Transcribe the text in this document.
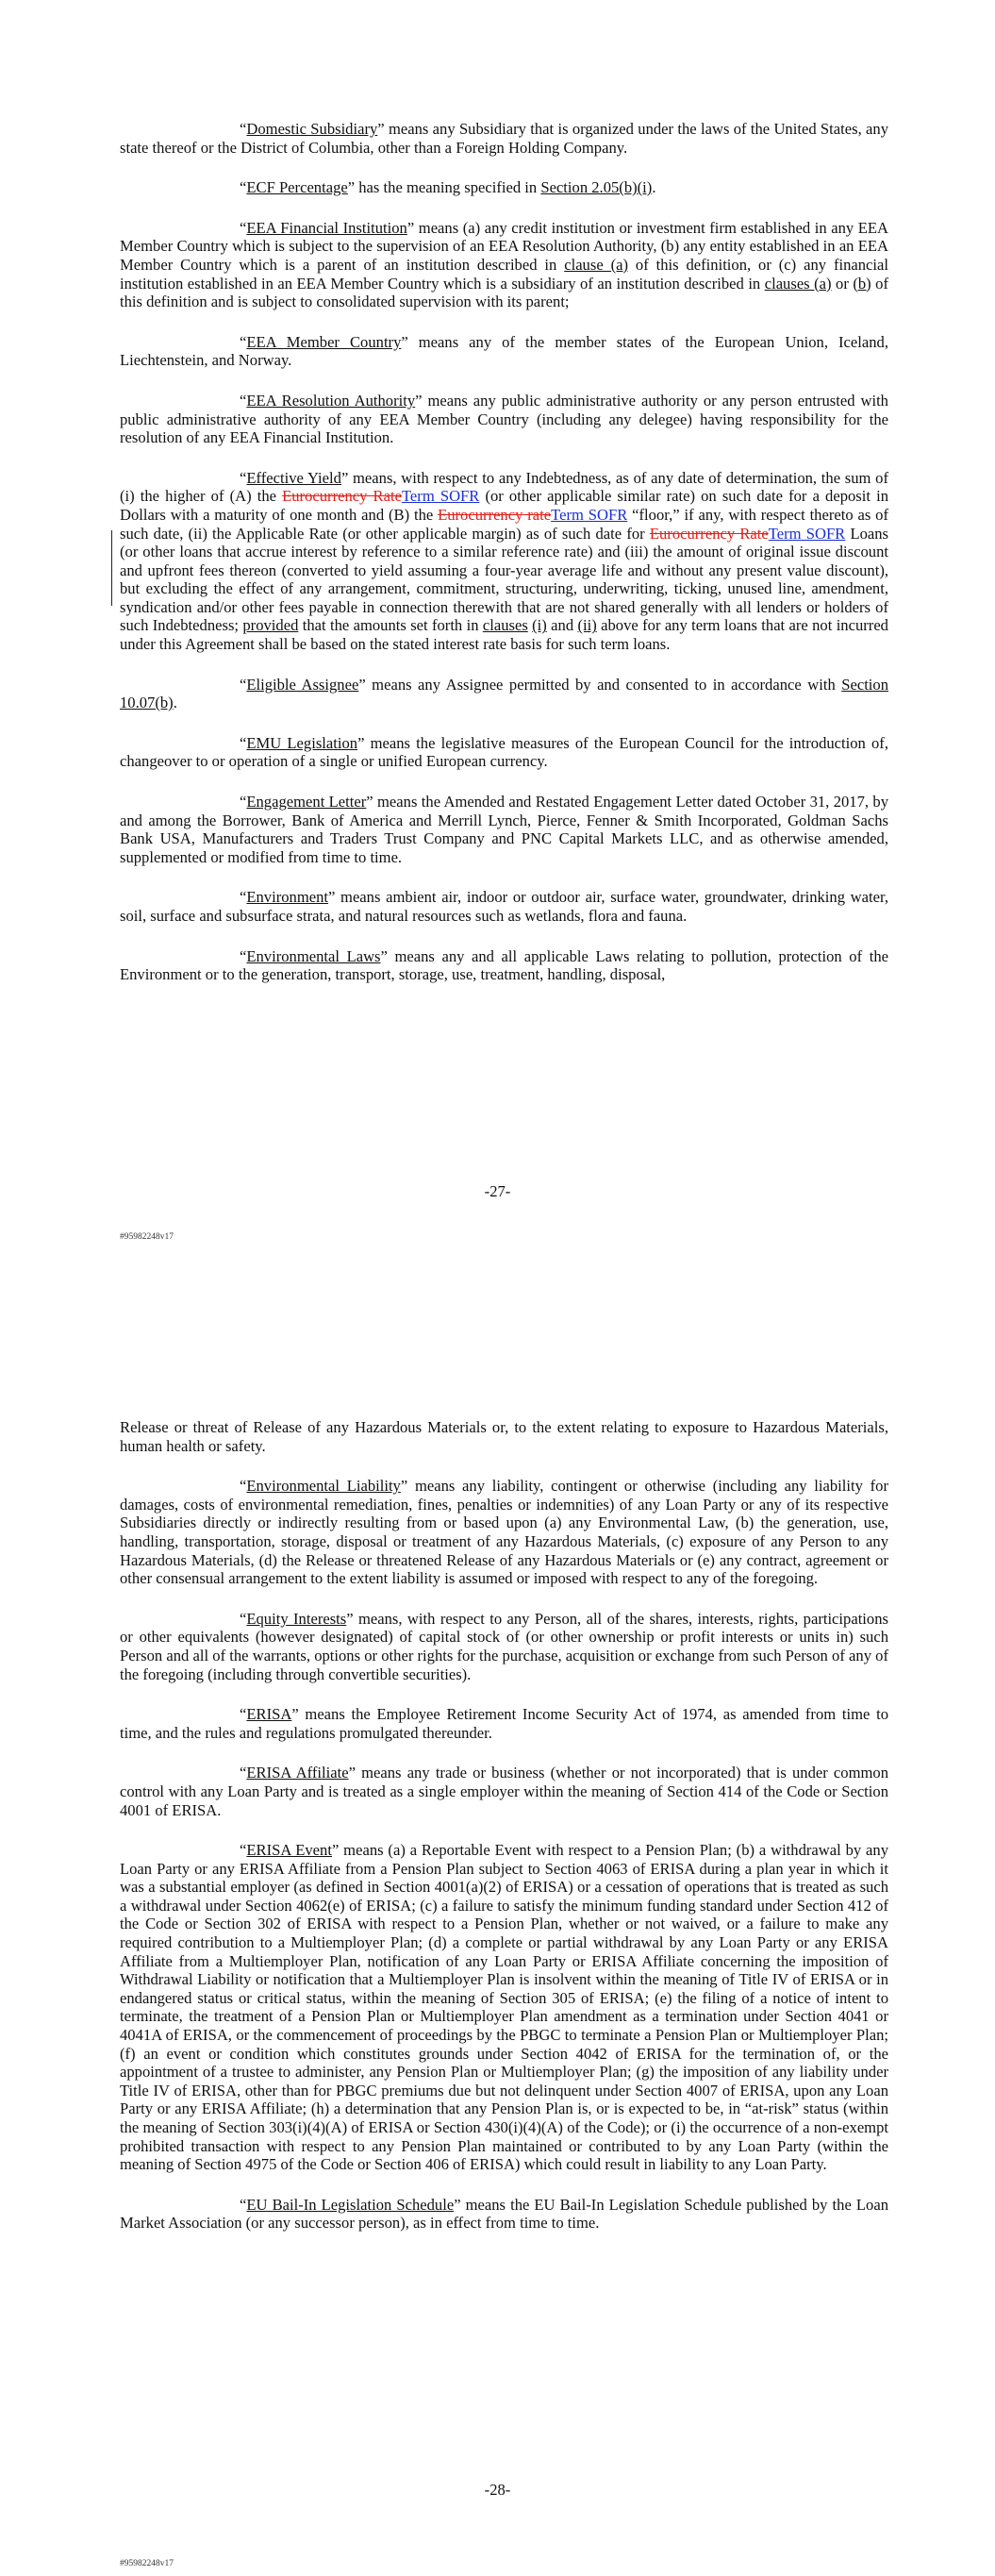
“Domestic Subsidiary” means any Subsidiary that is organized under the laws of the United States, any state thereof or the District of Columbia, other than a Foreign Holding Company.

“ECF Percentage” has the meaning specified in Section 2.05(b)(i).

“EEA Financial Institution” means (a) any credit institution or investment firm established in any EEA Member Country which is subject to the supervision of an EEA Resolution Authority, (b) any entity established in an EEA Member Country which is a parent of an institution described in clause (a) of this definition, or (c) any financial institution established in an EEA Member Country which is a subsidiary of an institution described in clauses (a) or (b) of this definition and is subject to consolidated supervision with its parent;

“EEA Member Country” means any of the member states of the European Union, Iceland, Liechtenstein, and Norway.

“EEA Resolution Authority” means any public administrative authority or any person entrusted with public administrative authority of any EEA Member Country (including any delegee) having responsibility for the resolution of any EEA Financial Institution.

“Effective Yield” means, with respect to any Indebtedness, as of any date of determination, the sum of (i) the higher of (A) the Eurocurrency RateTerm SOFR (or other applicable similar rate) on such date for a deposit in Dollars with a maturity of one month and (B) the Eurocurrency rateTerm SOFR “floor,” if any, with respect thereto as of such date, (ii) the Applicable Rate (or other applicable margin) as of such date for Eurocurrency RateTerm SOFR Loans (or other loans that accrue interest by reference to a similar reference rate) and (iii) the amount of original issue discount and upfront fees thereon (converted to yield assuming a four-year average life and without any present value discount), but excluding the effect of any arrangement, commitment, structuring, underwriting, ticking, unused line, amendment, syndication and/or other fees payable in connection therewith that are not shared generally with all lenders or holders of such Indebtedness; provided that the amounts set forth in clauses (i) and (ii) above for any term loans that are not incurred under this Agreement shall be based on the stated interest rate basis for such term loans.

“Eligible Assignee” means any Assignee permitted by and consented to in accordance with Section 10.07(b).

“EMU Legislation” means the legislative measures of the European Council for the introduction of, changeover to or operation of a single or unified European currency.

“Engagement Letter” means the Amended and Restated Engagement Letter dated October 31, 2017, by and among the Borrower, Bank of America and Merrill Lynch, Pierce, Fenner & Smith Incorporated, Goldman Sachs Bank USA, Manufacturers and Traders Trust Company and PNC Capital Markets LLC, and as otherwise amended, supplemented or modified from time to time.

“Environment” means ambient air, indoor or outdoor air, surface water, groundwater, drinking water, soil, surface and subsurface strata, and natural resources such as wetlands, flora and fauna.

“Environmental Laws” means any and all applicable Laws relating to pollution, protection of the Environment or to the generation, transport, storage, use, treatment, handling, disposal,

-27-
#95982248v17

Release or threat of Release of any Hazardous Materials or, to the extent relating to exposure to Hazardous Materials, human health or safety.

“Environmental Liability” means any liability, contingent or otherwise (including any liability for damages, costs of environmental remediation, fines, penalties or indemnities) of any Loan Party or any of its respective Subsidiaries directly or indirectly resulting from or based upon (a) any Environmental Law, (b) the generation, use, handling, transportation, storage, disposal or treatment of any Hazardous Materials, (c) exposure of any Person to any Hazardous Materials, (d) the Release or threatened Release of any Hazardous Materials or (e) any contract, agreement or other consensual arrangement to the extent liability is assumed or imposed with respect to any of the foregoing.

“Equity Interests” means, with respect to any Person, all of the shares, interests, rights, participations or other equivalents (however designated) of capital stock of (or other ownership or profit interests or units in) such Person and all of the warrants, options or other rights for the purchase, acquisition or exchange from such Person of any of the foregoing (including through convertible securities).

“ERISA” means the Employee Retirement Income Security Act of 1974, as amended from time to time, and the rules and regulations promulgated thereunder.

“ERISA Affiliate” means any trade or business (whether or not incorporated) that is under common control with any Loan Party and is treated as a single employer within the meaning of Section 414 of the Code or Section 4001 of ERISA.

“ERISA Event” means (a) a Reportable Event with respect to a Pension Plan; (b) a withdrawal by any Loan Party or any ERISA Affiliate from a Pension Plan subject to Section 4063 of ERISA during a plan year in which it was a substantial employer (as defined in Section 4001(a)(2) of ERISA) or a cessation of operations that is treated as such a withdrawal under Section 4062(e) of ERISA; (c) a failure to satisfy the minimum funding standard under Section 412 of the Code or Section 302 of ERISA with respect to a Pension Plan, whether or not waived, or a failure to make any required contribution to a Multiemployer Plan; (d) a complete or partial withdrawal by any Loan Party or any ERISA Affiliate from a Multiemployer Plan, notification of any Loan Party or ERISA Affiliate concerning the imposition of Withdrawal Liability or notification that a Multiemployer Plan is insolvent within the meaning of Title IV of ERISA or in endangered status or critical status, within the meaning of Section 305 of ERISA; (e) the filing of a notice of intent to terminate, the treatment of a Pension Plan or Multiemployer Plan amendment as a termination under Section 4041 or 4041A of ERISA, or the commencement of proceedings by the PBGC to terminate a Pension Plan or Multiemployer Plan; (f) an event or condition which constitutes grounds under Section 4042 of ERISA for the termination of, or the appointment of a trustee to administer, any Pension Plan or Multiemployer Plan; (g) the imposition of any liability under Title IV of ERISA, other than for PBGC premiums due but not delinquent under Section 4007 of ERISA, upon any Loan Party or any ERISA Affiliate; (h) a determination that any Pension Plan is, or is expected to be, in “at-risk” status (within the meaning of Section 303(i)(4)(A) of ERISA or Section 430(i)(4)(A) of the Code); or (i) the occurrence of a non-exempt prohibited transaction with respect to any Pension Plan maintained or contributed to by any Loan Party (within the meaning of Section 4975 of the Code or Section 406 of ERISA) which could result in liability to any Loan Party.

“EU Bail-In Legislation Schedule” means the EU Bail-In Legislation Schedule published by the Loan Market Association (or any successor person), as in effect from time to time.

-28-
#95982248v17
